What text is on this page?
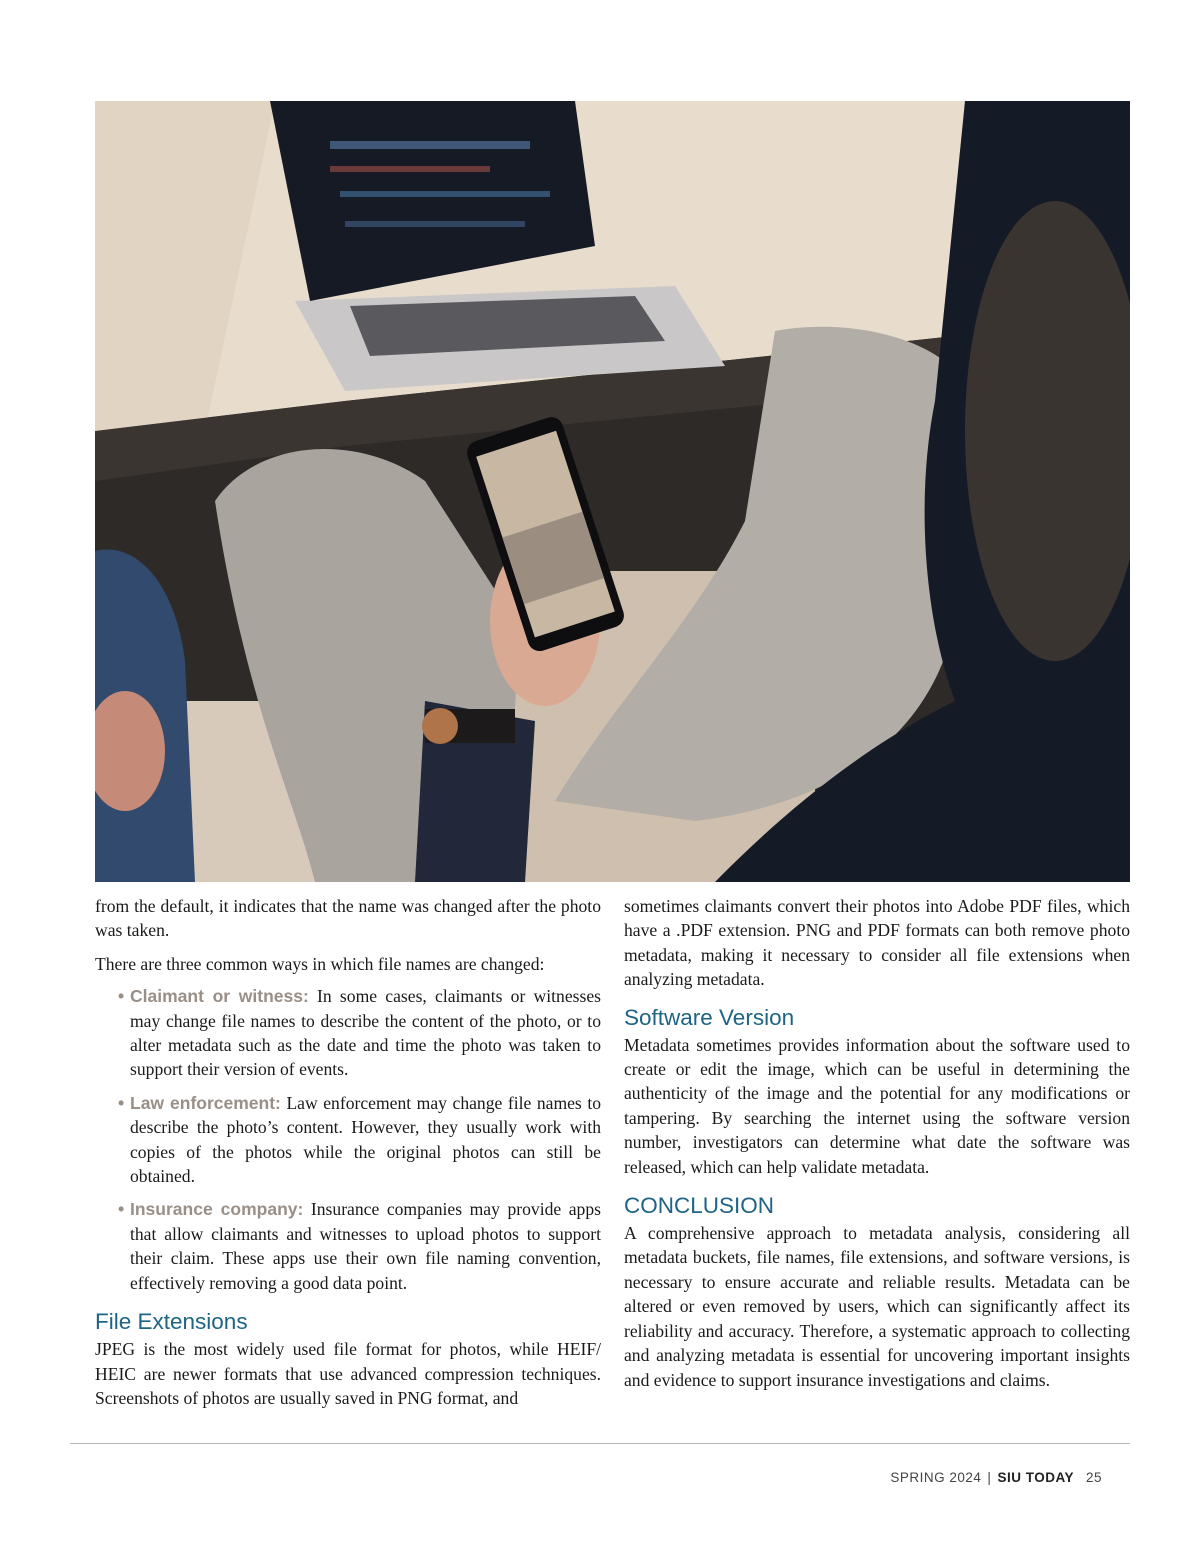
from the default, it indicates that the name was changed after the photo was taken.

There are three common ways in which file names are changed:

• Claimant or witness: In some cases, claimants or witnesses may change file names to describe the content of the photo, or to alter metadata such as the date and time the photo was taken to support their version of events.
• Law enforcement: Law enforcement may change file names to describe the photo’s content. However, they usually work with copies of the photos while the original photos can still be obtained.
• Insurance company: Insurance companies may provide apps that allow claimants and witnesses to upload photos to support their claim. These apps use their own file naming convention, effectively removing a good data point.
File Extensions

JPEG is the most widely used file format for photos, while HEIF/ HEIC are newer formats that use advanced compression techniques. Screenshots of photos are usually saved in PNG format, and

sometimes claimants convert their photos into Adobe PDF files, which have a .PDF extension. PNG and PDF formats can both remove photo metadata, making it necessary to consider all file extensions when analyzing metadata.

Software Version

Metadata sometimes provides information about the software used to create or edit the image, which can be useful in determining the authenticity of the image and the potential for any modifications or tampering. By searching the internet using the software version number, investigators can determine what date the software was released, which can help validate metadata.

CONCLUSION

A comprehensive approach to metadata analysis, considering all metadata buckets, file names, file extensions, and software versions, is necessary to ensure accurate and reliable results. Metadata can be altered or even removed by users, which can significantly affect its reliability and accuracy. Therefore, a systematic approach to collecting and analyzing metadata is essential for uncovering important insights and evidence to support insurance investigations and claims.

SPRING 2024 | SIU TODAY 25
